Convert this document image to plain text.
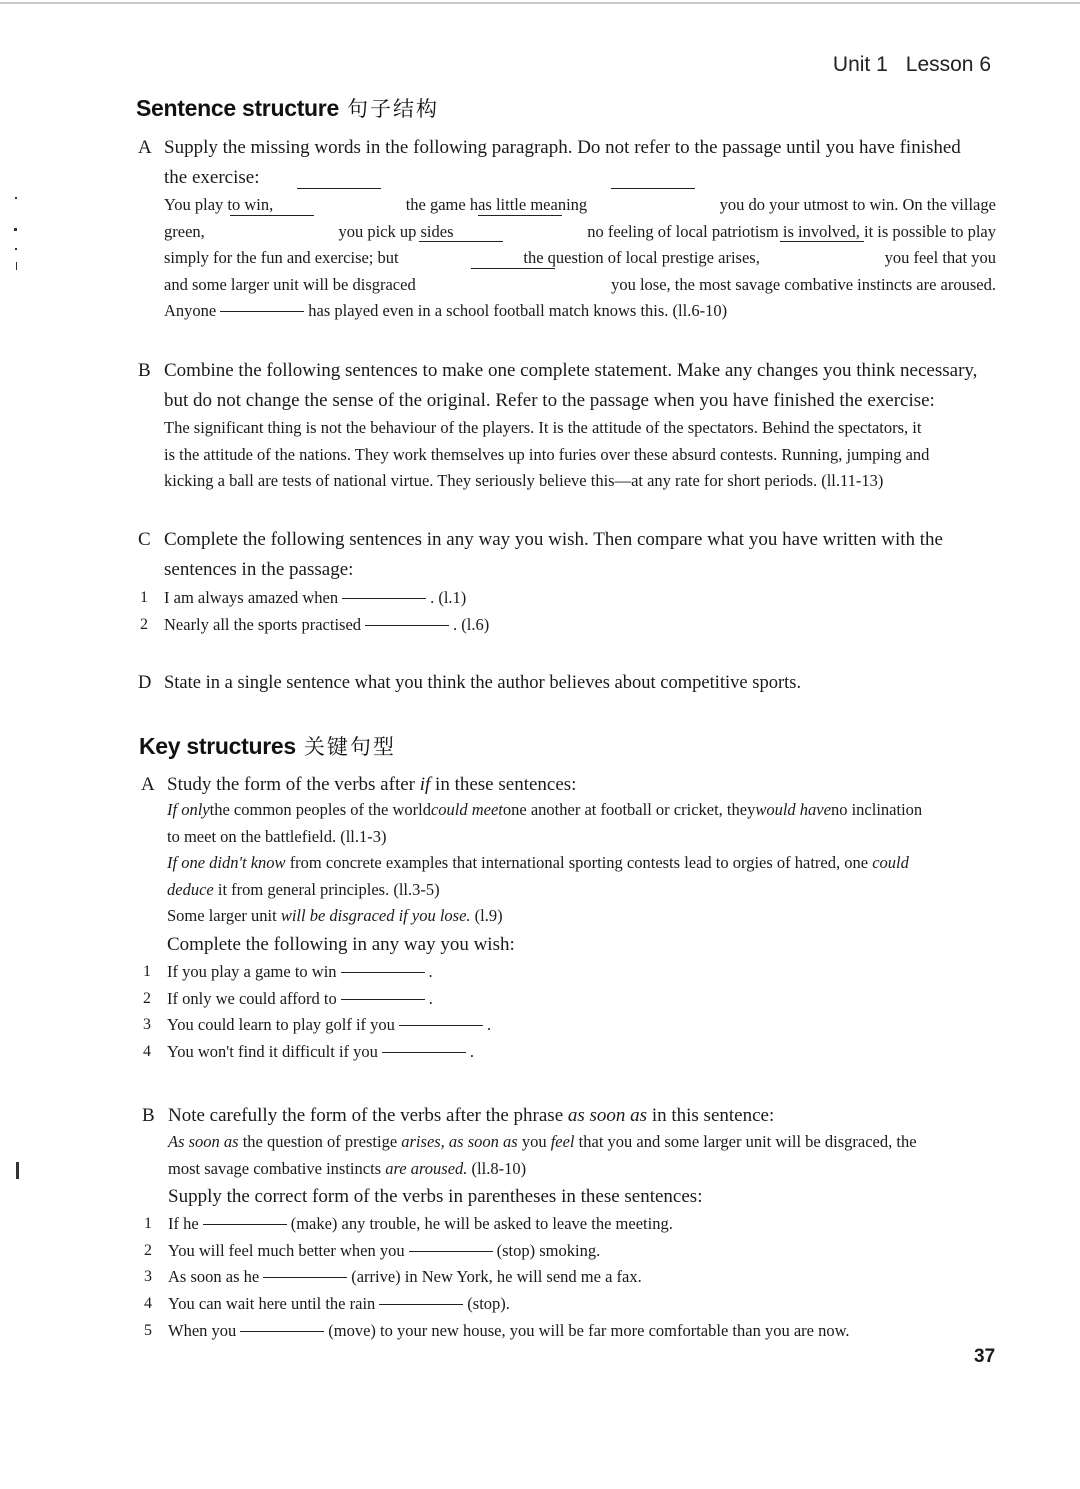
Unit 1 Lesson 6
Sentence structure 句子结构
A Supply the missing words in the following paragraph. Do not refer to the passage until you have finished
the exercise:
You play to win,	the game has little meaning	you do your utmost to win. On the village
green,	you pick up sides	no feeling of local patriotism is involved, it is possible to play
simply for the fun and exercise; but	the question of local prestige arises,	you feel that you
and some larger unit will be disgraced	you lose, the most savage combative instincts are aroused.
Anyone	has played even in a school football match knows this. (ll.6-10)
B Combine the following sentences to make one complete statement. Make any changes you think necessary,
but do not change the sense of the original. Refer to the passage when you have finished the exercise:
The significant thing is not the behaviour of the players. It is the attitude of the spectators. Behind the spectators, it
is the attitude of the nations. They work themselves up into furies over these absurd contests. Running, jumping and
kicking a ball are tests of national virtue. They seriously believe this—at any rate for short periods. (ll.11-13)
C Complete the following sentences in any way you wish. Then compare what you have written with the
sentences in the passage:
1 I am always amazed when	. (l.1)
2 Nearly all the sports practised	. (l.6)
D State in a single sentence what you think the author believes about competitive sports.
Key structures 关键句型
A Study the form of the verbs after if in these sentences:
If onlythe common peoples of the worldcould meetone another at football or cricket, theywould haveno inclination
to meet on the battlefield. (ll.1-3)
If one didn't know from concrete examples that international sporting contests lead to orgies of hatred, one could
deduce it from general principles. (ll.3-5)
Some larger unit will be disgraced if you lose. (l.9)
Complete the following in any way you wish:
1 If you play a game to win	.
2 If only we could afford to	.
3 You could learn to play golf if you	.
4 You won't find it difficult if you	.
B Note carefully the form of the verbs after the phrase as soon as in this sentence:
As soon as the question of prestige arises, as soon as you feel that you and some larger unit will be disgraced, the
most savage combative instincts are aroused. (ll.8-10)
Supply the correct form of the verbs in parentheses in these sentences:
1 If he	(make) any trouble, he will be asked to leave the meeting.
2 You will feel much better when you	(stop) smoking.
3 As soon as he	(arrive) in New York, he will send me a fax.
4 You can wait here until the rain	(stop).
5 When you	(move) to your new house, you will be far more comfortable than you are now.
37
